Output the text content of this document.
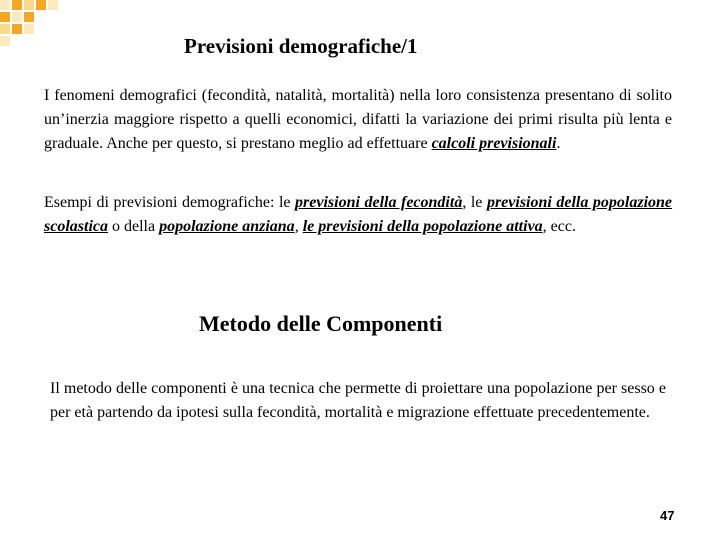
Previsioni demografiche/1

I fenomeni demografici (fecondità, natalità, mortalità) nella loro consistenza presentano di solito un’inerzia maggiore rispetto a quelli economici, difatti la variazione dei primi risulta più lenta e graduale. Anche per questo, si prestano meglio ad effettuare calcoli previsionali.

Esempi di previsioni demografiche: le previsioni della fecondità, le previsioni della popolazione scolastica o della popolazione anziana, le previsioni della popolazione attiva, ecc.

Metodo delle Componenti

Il metodo delle componenti è una tecnica che permette di proiettare una popolazione per sesso e per età partendo da ipotesi sulla fecondità, mortalità e migrazione effettuate precedentemente.

47
